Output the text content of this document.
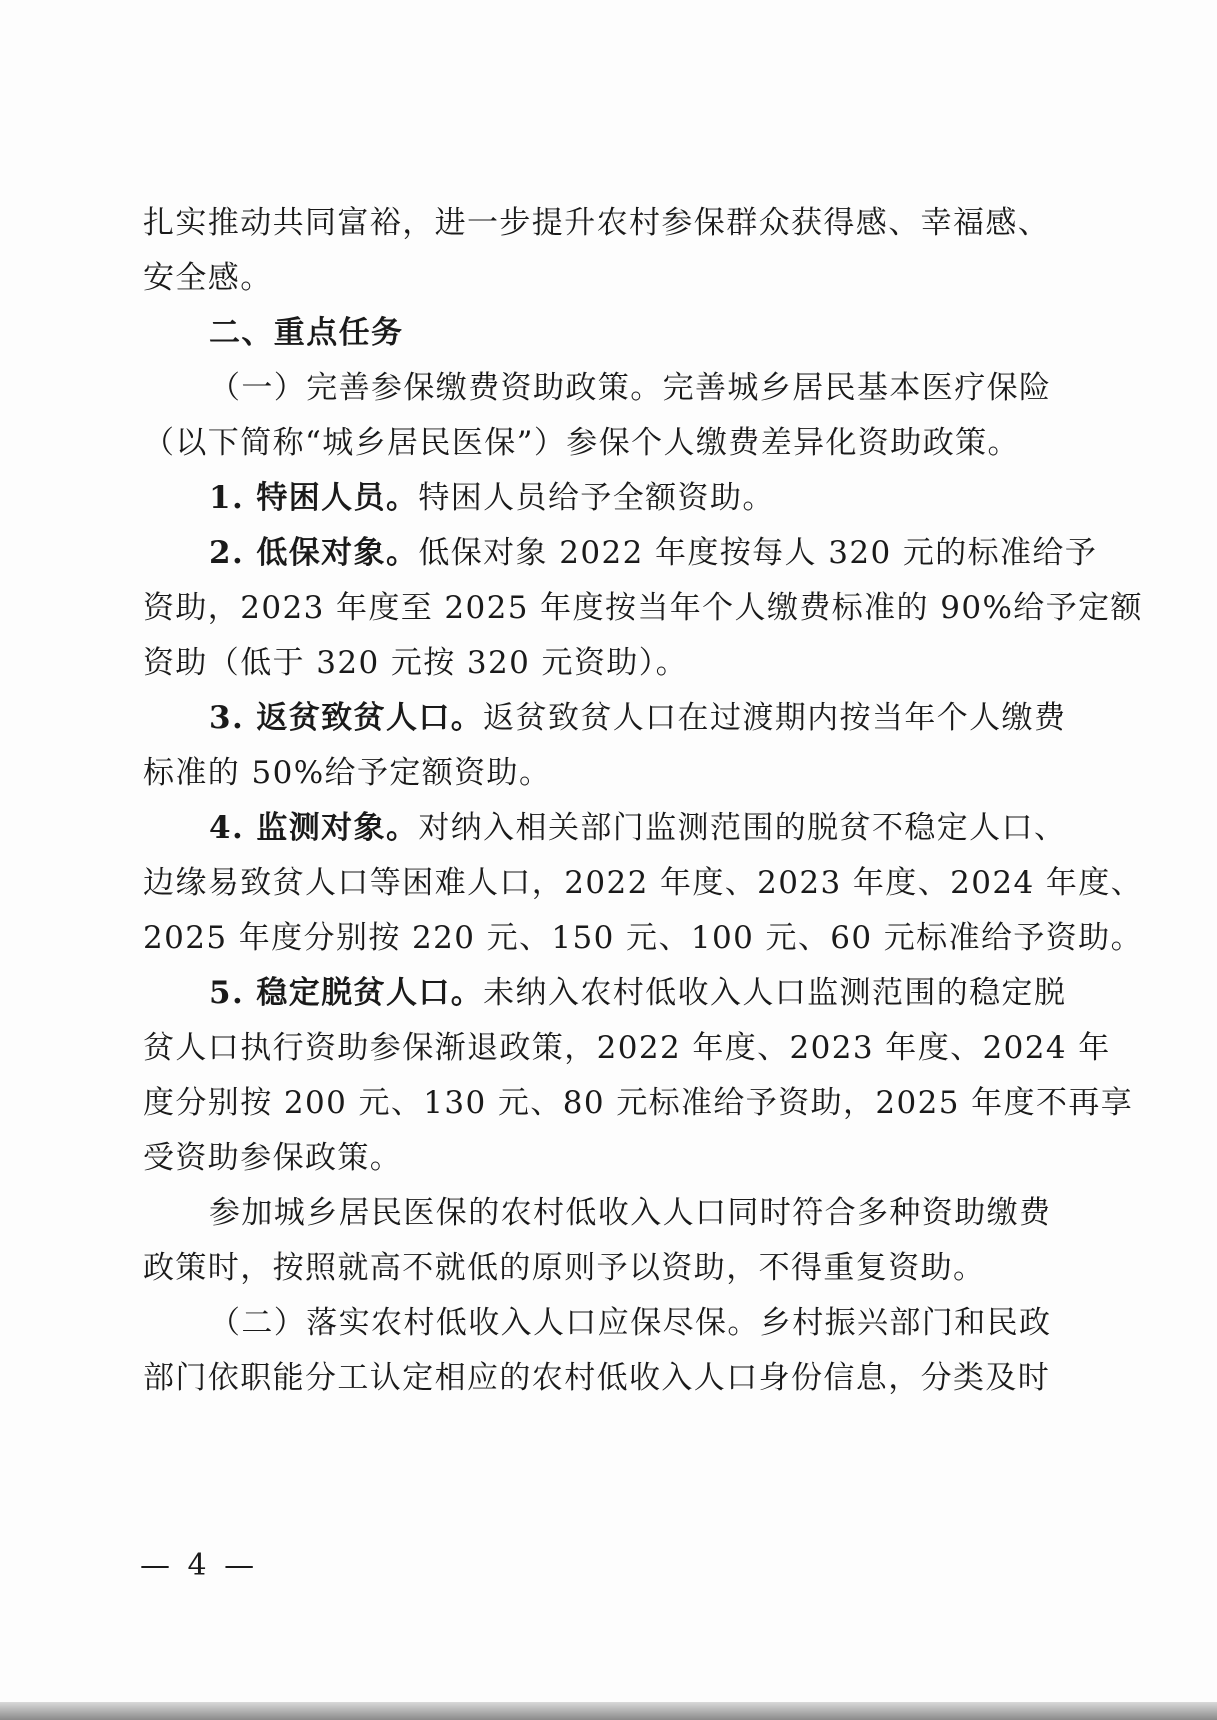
扎实推动共同富裕，进一步提升农村参保群众获得感、幸福感、
安全感。
二、重点任务
（一）完善参保缴费资助政策。完善城乡居民基本医疗保险
（以下简称“城乡居民医保”）参保个人缴费差异化资助政策。
1. 特困人员。特困人员给予全额资助。
2. 低保对象。低保对象 2022 年度按每人 320 元的标准给予
资助，2023 年度至 2025 年度按当年个人缴费标准的 90%给予定额
资助（低于 320 元按 320 元资助）。
3. 返贫致贫人口。返贫致贫人口在过渡期内按当年个人缴费
标准的 50%给予定额资助。
4. 监测对象。对纳入相关部门监测范围的脱贫不稳定人口、
边缘易致贫人口等困难人口，2022 年度、2023 年度、2024 年度、
2025 年度分别按 220 元、150 元、100 元、60 元标准给予资助。
5. 稳定脱贫人口。未纳入农村低收入人口监测范围的稳定脱
贫人口执行资助参保渐退政策，2022 年度、2023 年度、2024 年
度分别按 200 元、130 元、80 元标准给予资助，2025 年度不再享
受资助参保政策。
参加城乡居民医保的农村低收入人口同时符合多种资助缴费
政策时，按照就高不就低的原则予以资助，不得重复资助。
（二）落实农村低收入人口应保尽保。乡村振兴部门和民政
部门依职能分工认定相应的农村低收入人口身份信息，分类及时
— 4 —
